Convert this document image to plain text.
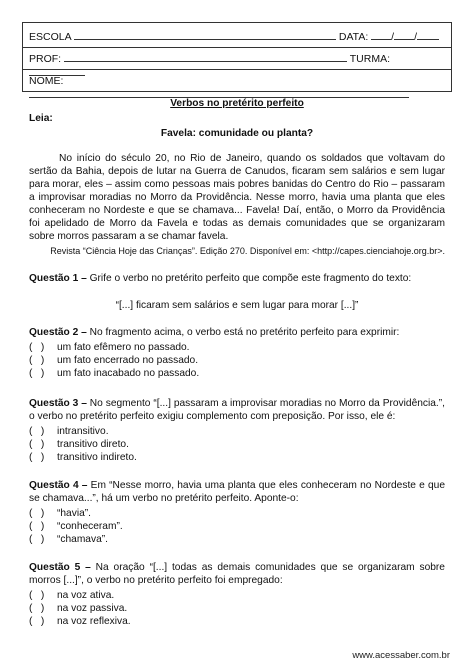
ESCOLA	DATA: / /
PROF:	TURMA:
NOME:
Verbos no pretérito perfeito
Leia:
Favela: comunidade ou planta?
No início do século 20, no Rio de Janeiro, quando os soldados que voltavam do sertão da Bahia, depois de lutar na Guerra de Canudos, ficaram sem salários e sem lugar para morar, eles – assim como pessoas mais pobres banidas do Centro do Rio – passaram a improvisar moradias no Morro da Providência. Nesse morro, havia uma planta que eles conheceram no Nordeste e que se chamava... Favela! Daí, então, o Morro da Providência foi apelidado de Morro da Favela e todas as demais comunidades que se organizaram sobre morros passaram a se chamar favela.
Revista “Ciência Hoje das Crianças”. Edição 270. Disponível em: <http://capes.cienciahoje.org.br>.
Questão 1 – Grife o verbo no pretérito perfeito que compõe este fragmento do texto:
“[...] ficaram sem salários e sem lugar para morar [...]”
Questão 2 – No fragmento acima, o verbo está no pretérito perfeito para exprimir:
( ) um fato efêmero no passado.
( ) um fato encerrado no passado.
( ) um fato inacabado no passado.
Questão 3 – No segmento “[...] passaram a improvisar moradias no Morro da Providência.”, o verbo no pretérito perfeito exigiu complemento com preposição. Por isso, ele é:
( ) intransitivo.
( ) transitivo direto.
( ) transitivo indireto.
Questão 4 – Em “Nesse morro, havia uma planta que eles conheceram no Nordeste e que se chamava...”, há um verbo no pretérito perfeito. Aponte-o:
( ) “havia”.
( ) “conheceram”.
( ) “chamava”.
Questão 5 – Na oração “[...] todas as demais comunidades que se organizaram sobre morros [...]”, o verbo no pretérito perfeito foi empregado:
( ) na voz ativa.
( ) na voz passiva.
( ) na voz reflexiva.
www.acessaber.com.br
